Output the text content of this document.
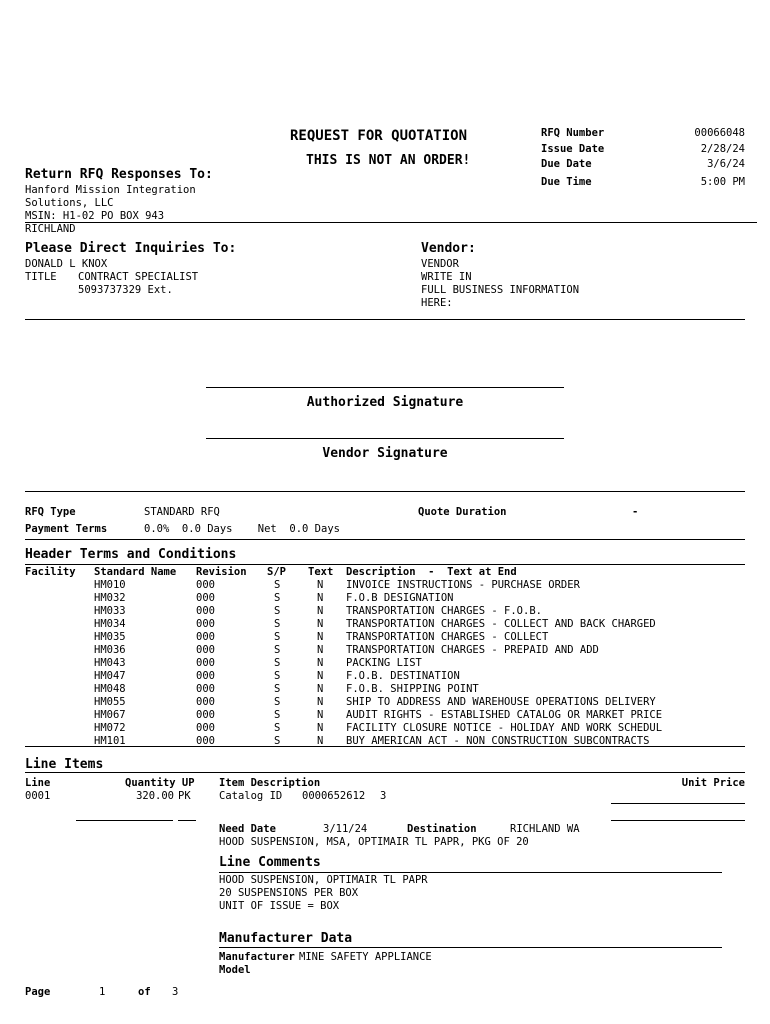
REQUEST FOR QUOTATION
THIS IS NOT AN ORDER!
RFQ Number	00066048
Issue Date	2/28/24
Due Date	3/6/24
Due Time	5:00 PM
Return RFQ Responses To:
Hanford Mission Integration
Solutions, LLC
MSIN: H1-02 PO BOX 943
RICHLAND
Please Direct Inquiries To:
DONALD L KNOX
TITLE CONTRACT SPECIALIST
5093737329 Ext.
Vendor:
VENDOR
WRITE IN
FULL BUSINESS INFORMATION
HERE:
Authorized Signature
Vendor Signature
RFQ Type	STANDARD RFQ	Quote Duration	-
Payment Terms	0.0%  0.0 Days    Net  0.0 Days
Header Terms and Conditions
Facility Standard Name Revision S/P Text Description  -  Text at End
HM010	000	S	N INVOICE INSTRUCTIONS - PURCHASE ORDER
HM032	000	S	N F.O.B DESIGNATION
HM033	000	S	N TRANSPORTATION CHARGES - F.O.B.
HM034	000	S	N TRANSPORTATION CHARGES - COLLECT AND BACK CHARGED
HM035	000	S	N TRANSPORTATION CHARGES - COLLECT
HM036	000	S	N TRANSPORTATION CHARGES - PREPAID AND ADD
HM043	000	S	N PACKING LIST
HM047	000	S	N F.O.B. DESTINATION
HM048	000	S	N F.O.B. SHIPPING POINT
HM055	000	S	N SHIP TO ADDRESS AND WAREHOUSE OPERATIONS DELIVERY
HM067	000	S	N AUDIT RIGHTS - ESTABLISHED CATALOG OR MARKET PRICE
HM072	000	S	N FACILITY CLOSURE NOTICE - HOLIDAY AND WORK SCHEDUL
HM101	000	S	N BUY AMERICAN ACT - NON CONSTRUCTION SUBCONTRACTS
Line Items
Line	Quantity UP Item Description	Unit Price
0001	320.00 PK	Catalog ID 0000652612 3
Need Date	3/11/24	Destination	RICHLAND WA
HOOD SUSPENSION, MSA, OPTIMAIR TL PAPR, PKG OF 20
Line Comments
HOOD SUSPENSION, OPTIMAIR TL PAPR
20 SUSPENSIONS PER BOX
UNIT OF ISSUE = BOX
Manufacturer Data
Manufacturer MINE SAFETY APPLIANCE
Model
Page	1	of 3
